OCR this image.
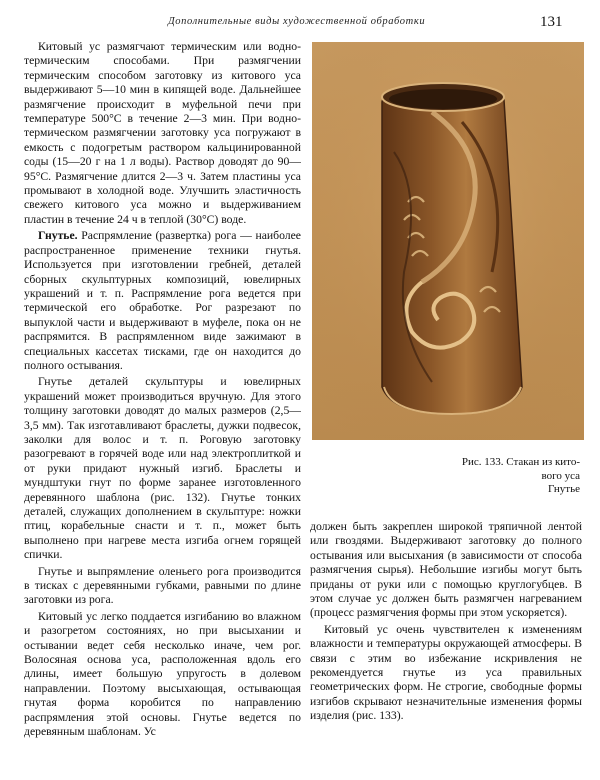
Дополнительные виды художественной обработки	131

Китовый ус размягчают термическим или водно-термическим способами. При размягчении термическим способом заготовку из китового уса выдерживают 5—10 мин в кипящей воде. Дальнейшее размягчение происходит в муфельной печи при температуре 500°С в течение 2—3 мин. При водно-термическом размягчении заготовку уса погружают в емкость с подогретым раствором кальцинированной соды (15—20 г на 1 л воды). Раствор доводят до 90—95°С. Размягчение длится 2—3 ч. Затем пластины уса промывают в холодной воде. Улучшить эластичность свежего китового уса можно и выдерживанием пластин в течение 24 ч в теплой (30°С) воде.

Гнутье. Распрямление (развертка) рога — наиболее распространенное применение техники гнутья. Используется при изготовлении гребней, деталей сборных скульптурных композиций, ювелирных украшений и т. п. Распрямление рога ведется при термической его обработке. Рог разрезают по выпуклой части и выдерживают в муфеле, пока он не распрямится. В распрямленном виде зажимают в специальных кассетах тисками, где он находится до полного остывания.

Гнутье деталей скульптуры и ювелирных украшений может производиться вручную. Для этого толщину заготовки доводят до малых размеров (2,5—3,5 мм). Так изготавливают браслеты, дужки подвесок, заколки для волос и т. п. Роговую заготовку разогревают в горячей воде или над электроплиткой и от руки придают нужный изгиб. Браслеты и мундштуки гнут по форме заранее изготовленного деревянного шаблона (рис. 132). Гнутье тонких деталей, служащих дополнением в скульптуре: ножки птиц, корабельные снасти и т. п., может быть выполнено при нагреве места изгиба огнем горящей спички.

Гнутье и выпрямление оленьего рога производится в тисках с деревянными губками, равными по длине заготовки из рога.

Китовый ус легко поддается изгибанию во влажном и разогретом состояниях, но при высыхании и остывании ведет себя несколько иначе, чем рог. Волосяная основа уса, расположенная вдоль его длины, имеет большую упругость в долевом направлении. Поэтому высыхающая, остывающая гнутая форма коробится по направлению распрямления этой основы. Гнутье ведется по деревянным шаблонам. Ус

Рис. 133. Стакан из кито-
вого уса
Гнутье

должен быть закреплен широкой тряпичной лентой или гвоздями. Выдерживают заготовку до полного остывания или высыхания (в зависимости от способа размягчения сырья). Небольшие изгибы могут быть приданы от руки или с помощью круглогубцев. В этом случае ус должен быть размягчен нагреванием (процесс размягчения формы при этом ускоряется).

Китовый ус очень чувствителен к изменениям влажности и температуры окружающей атмосферы. В связи с этим во избежание искривления не рекомендуется гнутье из уса правильных геометрических форм. Не строгие, свободные формы изгибов скрывают незначительные изменения формы изделия (рис. 133).
